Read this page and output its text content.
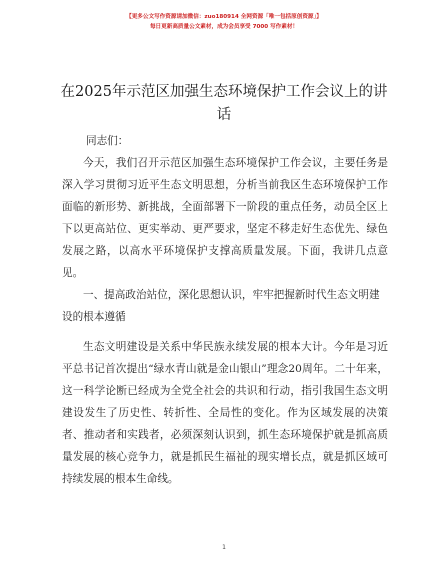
【更多公文写作资源请加微信：zuo180914 全网资源「唯一包括原创资源」】
每日更新高质量公文素材，成为会员享受 7000 写作素材！
在2025年示范区加强生态环境保护工作会议上的讲话

同志们：

今天，我们召开示范区加强生态环境保护工作会议，主要任务是深入学习贯彻习近平生态文明思想，分析当前我区生态环境保护工作面临的新形势、新挑战，全面部署下一阶段的重点任务，动员全区上下以更高站位、更实举动、更严要求，坚定不移走好生态优先、绿色发展之路，以高水平环境保护支撑高质量发展。下面，我讲几点意见。

一、提高政治站位，深化思想认识，牢牢把握新时代生态文明建设的根本遵循

生态文明建设是关系中华民族永续发展的根本大计。今年是习近平总书记首次提出“绿水青山就是金山银山”理念20周年。二十年来，这一科学论断已经成为全党全社会的共识和行动，指引我国生态文明建设发生了历史性、转折性、全局性的变化。作为区域发展的决策者、推动者和实践者，必须深刻认识到，抓生态环境保护就是抓高质量发展的核心竞争力，就是抓民生福祉的现实增长点，就是抓区域可持续发展的根本生命线。

1
